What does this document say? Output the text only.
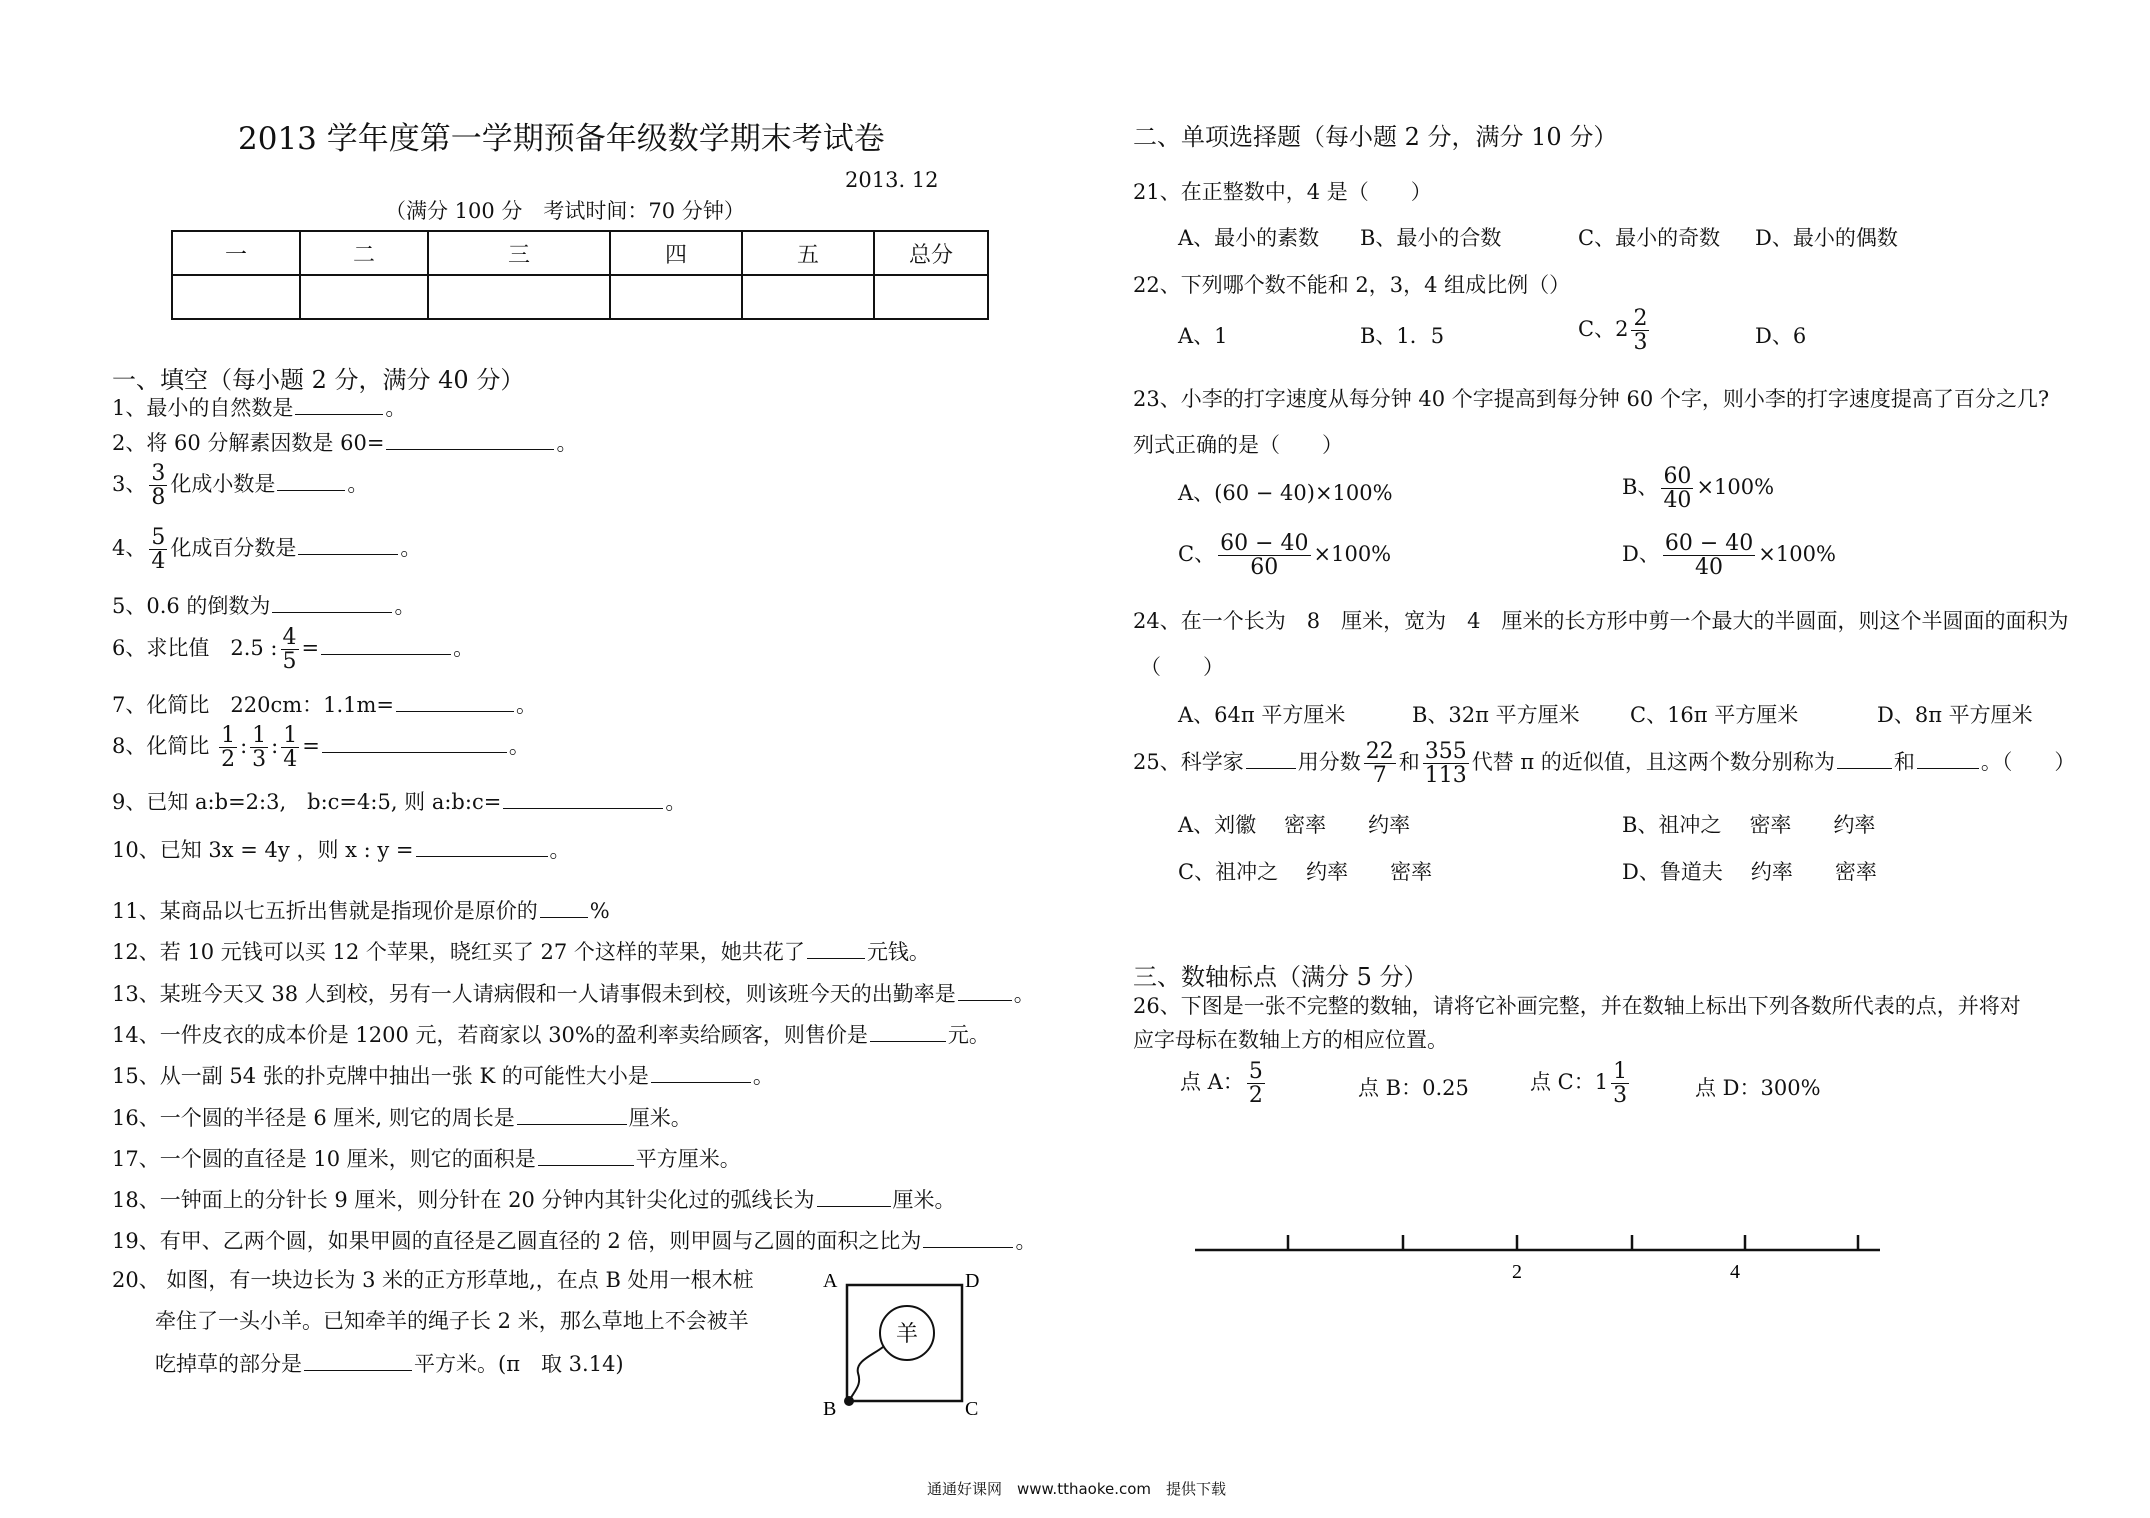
2013 学年度第一学期预备年级数学期末考试卷
2013. 12
（满分 100 分　考试时间：70 分钟）
一	二	三	四	五	总分

一、填空（每小题 2 分，满分 40 分）
1、最小的自然数是	。
2、将 60 分解素因数是 60=	。
3、 $\frac{3}{8}$ 化成小数是	。
4、 $\frac{5}{4}$ 化成百分数是	。
5、0.6 的倒数为	。
6、求比值　2.5 : $\frac{4}{5}$ =	。
7、化简比　220cm：1.1m=	。
8、化简比 $\frac{1}{2}$ : $\frac{1}{3}$ : $\frac{1}{4}$ =	。
9、已知 a:b=2:3,　b:c=4:5, 则 a:b:c=	。
10、已知 3x = 4y ，则 x : y =	。
11、某商品以七五折出售就是指现价是原价的 %
12、若 10 元钱可以买 12 个苹果，晓红买了 27 个这样的苹果，她共花了	元钱。
13、某班今天又 38 人到校，另有一人请病假和一人请事假未到校，则该班今天的出勤率是	。
14、一件皮衣的成本价是 1200 元，若商家以 30%的盈利率卖给顾客，则售价是	元。
15、从一副 54 张的扑克牌中抽出一张 K 的可能性大小是	。
16、一个圆的半径是 6 厘米, 则它的周长是	厘米。
17、一个圆的直径是 10 厘米，则它的面积是	平方厘米。
18、一钟面上的分针长 9 厘米，则分针在 20 分钟内其针尖化过的弧线长为	厘米。
19、有甲、乙两个圆，如果甲圆的直径是乙圆直径的 2 倍，则甲圆与乙圆的面积之比为	。
20、 如图，有一块边长为 3 米的正方形草地,，在点 B 处用一根木桩
牵住了一头小羊。已知牵羊的绳子长 2 米，那么草地上不会被羊
吃掉草的部分是	平方米。(π　取 3.14)
A	D
B	C
羊
二、单项选择题（每小题 2 分，满分 10 分）
21、在正整数中，4 是（　　）
A、最小的素数 B、最小的合数	C、最小的奇数 D、最小的偶数
22、下列哪个数不能和 2，3，4 组成比例（）
A、1	B、1．5	C、$2 \frac{2}{3}$	D、6
23、小李的打字速度从每分钟 40 个字提高到每分钟 60 个字，则小李的打字速度提高了百分之几?
列式正确的是（　　）
A、(60 − 40)×100%	B、 $\frac{60}{40} \times 100\%$
C、 $\frac{60 - 40}{60} \times 100\%$	D、 $\frac{60 - 40}{40} \times 100\%$
24、在一个长为　8　厘米，宽为　4　厘米的长方形中剪一个最大的半圆面，则这个半圆面的面积为
（　　）
A、64π 平方厘米	B、32π 平方厘米 C、16π 平方厘米	D、8π 平方厘米
25、科学家	用分数 $\frac{22}{7}$ 和 $\frac{355}{113}$ 代替 π 的近似值，且这两个数分别称为	和	。（　　）
A、刘徽 密率 约率	B、祖冲之 密率 约率
C、祖冲之 约率 密率	D、鲁道夫 约率 密率
三、数轴标点（满分 5 分）
26、下图是一张不完整的数轴，请将它补画完整，并在数轴上标出下列各数所代表的点，并将对
应字母标在数轴上方的相应位置。
点 A： $\frac{5}{2}$	点 B：0.25	点 C：$1 \frac{1}{3}$	点 D：300%
2	4
通通好课网　www.tthaoke.com　提供下载
